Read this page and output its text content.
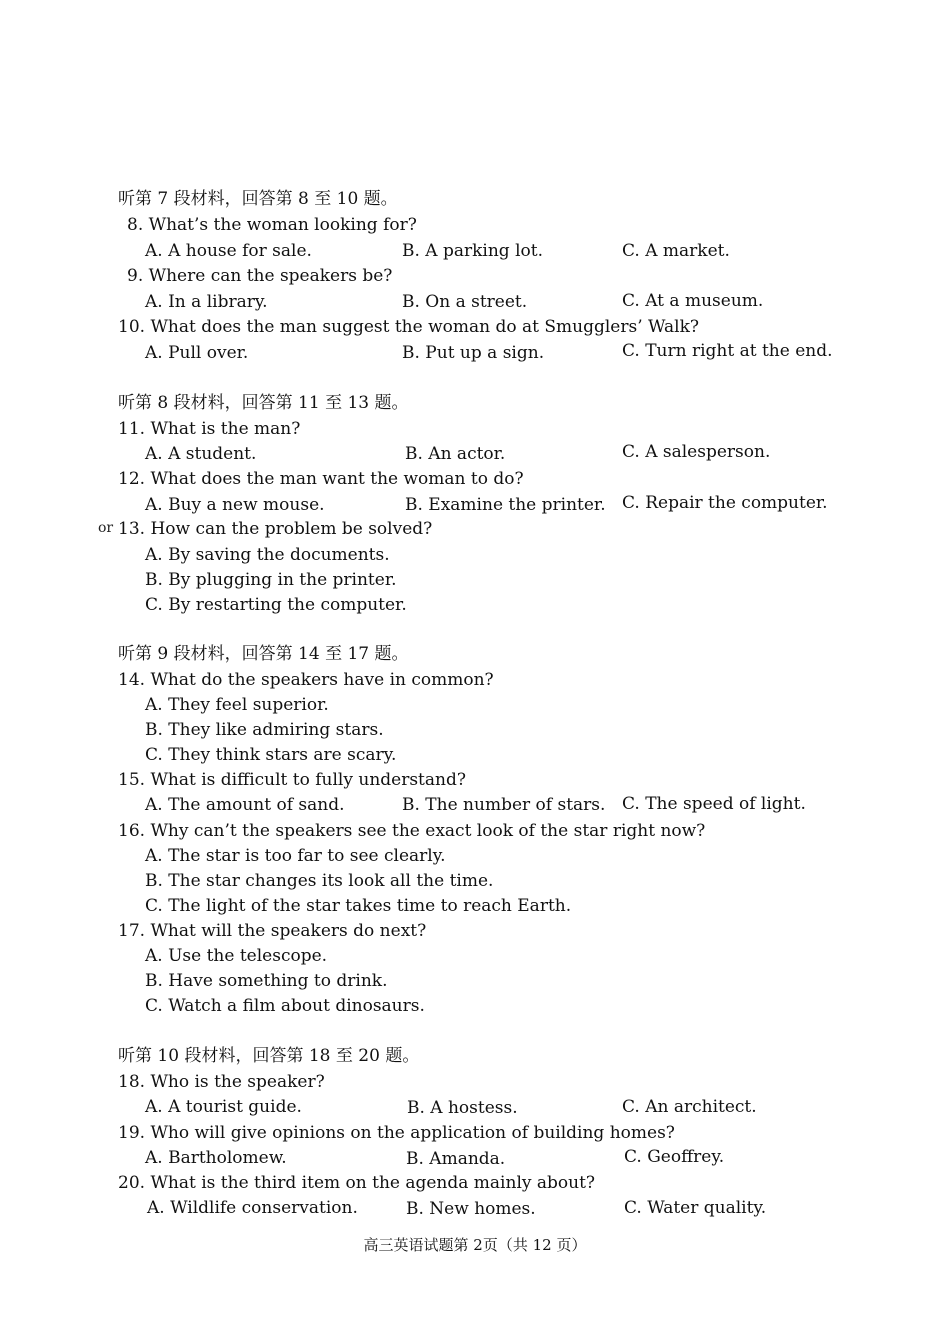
听第 7 段材料，回答第 8 至 10 题。
8. What’s the woman looking for?
A. A house for sale.	B. A parking lot.	C. A market.
9. Where can the speakers be?
A. In a library.	B. On a street.	C. At a museum.
10. What does the man suggest the woman do at Smugglers’ Walk?
A. Pull over.	B. Put up a sign.	C. Turn right at the end.
听第 8 段材料，回答第 11 至 13 题。
11. What is the man?
A. A student.	B. An actor.	C. A salesperson.
12. What does the man want the woman to do?
A. Buy a new mouse.	B. Examine the printer. C. Repair the computer.
or 13. How can the problem be solved?
A. By saving the documents.
B. By plugging in the printer.
C. By restarting the computer.
听第 9 段材料，回答第 14 至 17 题。
14. What do the speakers have in common?
A. They feel superior.
B. They like admiring stars.
C. They think stars are scary.
15. What is difficult to fully understand?
A. The amount of sand.	B. The number of stars. C. The speed of light.
16. Why can’t the speakers see the exact look of the star right now?
A. The star is too far to see clearly.
B. The star changes its look all the time.
C. The light of the star takes time to reach Earth.
17. What will the speakers do next?
A. Use the telescope.
B. Have something to drink.
C. Watch a film about dinosaurs.
听第 10 段材料，回答第 18 至 20 题。
18. Who is the speaker?
A. A tourist guide.	B. A hostess.	C. An architect.
19. Who will give opinions on the application of building homes?
A. Bartholomew.	B. Amanda.	C. Geoffrey.
20. What is the third item on the agenda mainly about?
A. Wildlife conservation.	B. New homes.	C. Water quality.
高三英语试题第 2页（共 12 页）
